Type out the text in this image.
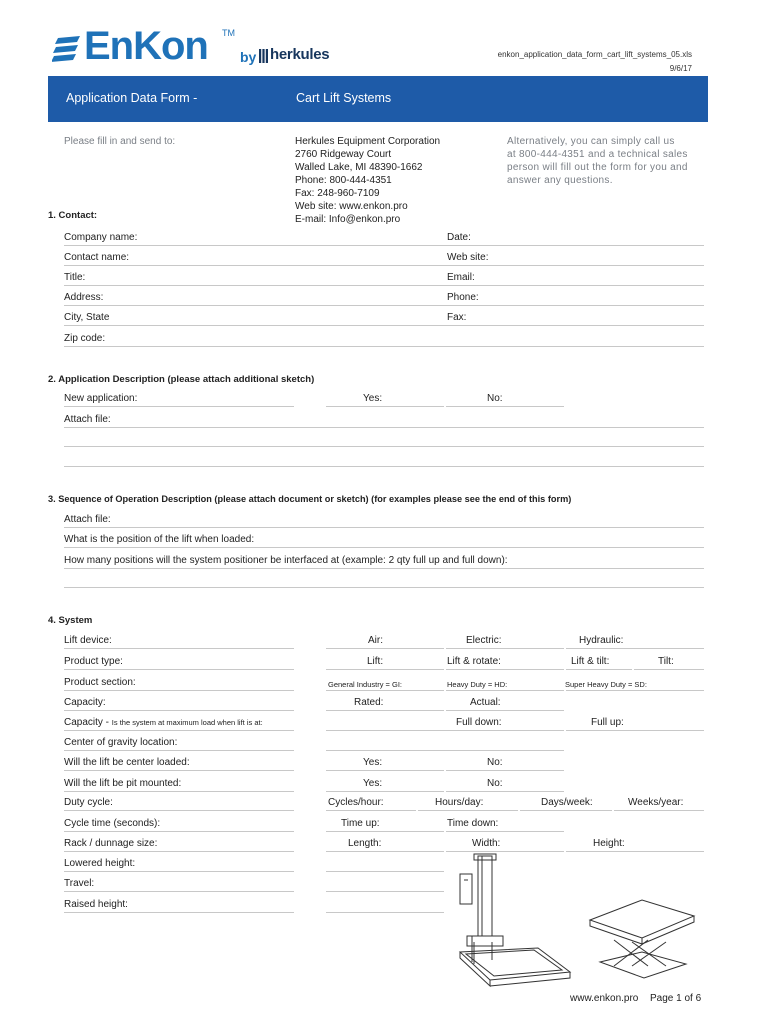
EnKon TM
by herkules	enkon_application_data_form_cart_lift_systems_05.xls
9/6/17
Application Data Form -	Cart Lift Systems
Please fill in and send to:	Herkules Equipment Corporation
2760 Ridgeway Court
Walled Lake, MI 48390-1662
Phone: 800-444-4351
Fax: 248-960-7109
Web site: www.enkon.pro
E-mail: Info@enkon.pro
Alternatively, you can simply call us
at 800-444-4351 and a technical sales
person will fill out the form for you and
answer any questions.
1. Contact:
Company name:	Date:
Contact name:	Web site:
Title:	Email:
Address:	Phone:
City, State	Fax:
Zip code:
2. Application Description (please attach additional sketch)
New application:	Yes:	No:
Attach file:
3. Sequence of Operation Description (please attach document or sketch) (for examples please see the end of this form)
Attach file:
What is the position of the lift when loaded:
How many positions will the system positioner be interfaced at (example: 2 qty full up and full down):
4. System
Lift device:	Air:	Electric:	Hydraulic:
Product type:	Lift:	Lift & rotate:	Lift & tilt:	Tilt:
Product section:	General Industry = GI:	Heavy Duty = HD:	Super Heavy Duty = SD:
Capacity:	Rated:	Actual:
Capacity - Is the system at maximum load when lift is at:	Full down:	Full up:
Center of gravity location:
Will the lift be center loaded:	Yes:	No:
Will the lift be pit mounted:	Yes:	No:
Duty cycle:	Cycles/hour:	Hours/day:	Days/week:	Weeks/year:
Cycle time (seconds):	Time up:	Time down:
Rack / dunnage size:	Length:	Width:	Height:
Lowered height:
Travel:
Raised height:
www.enkon.pro Page 1 of 6
